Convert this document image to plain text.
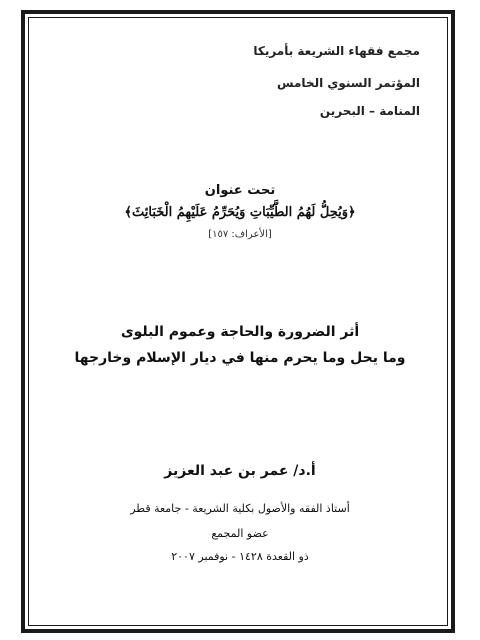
مجمع فقهاء الشريعة بأمريكا
المؤتمر السنوي الخامس
المنامة – البحرين
تحت عنوان
﴿وَيُحِلُّ لَهُمُ الطَّيِّبَاتِ وَيُحَرِّمُ عَلَيْهِمُ الْخَبَائِثَ﴾
[الأعراف: ١٥٧]
أثر الضرورة والحاجة وعموم البلوى
وما يحل وما يحرم منها في ديار الإسلام وخارجها
أ.د/ عمر بن عبد العزيز
أستاذ الفقه والأصول بكلية الشريعة - جامعة قطر
عضو المجمع
ذو القعدة ١٤٢٨ - نوفمبر ٢٠٠٧
